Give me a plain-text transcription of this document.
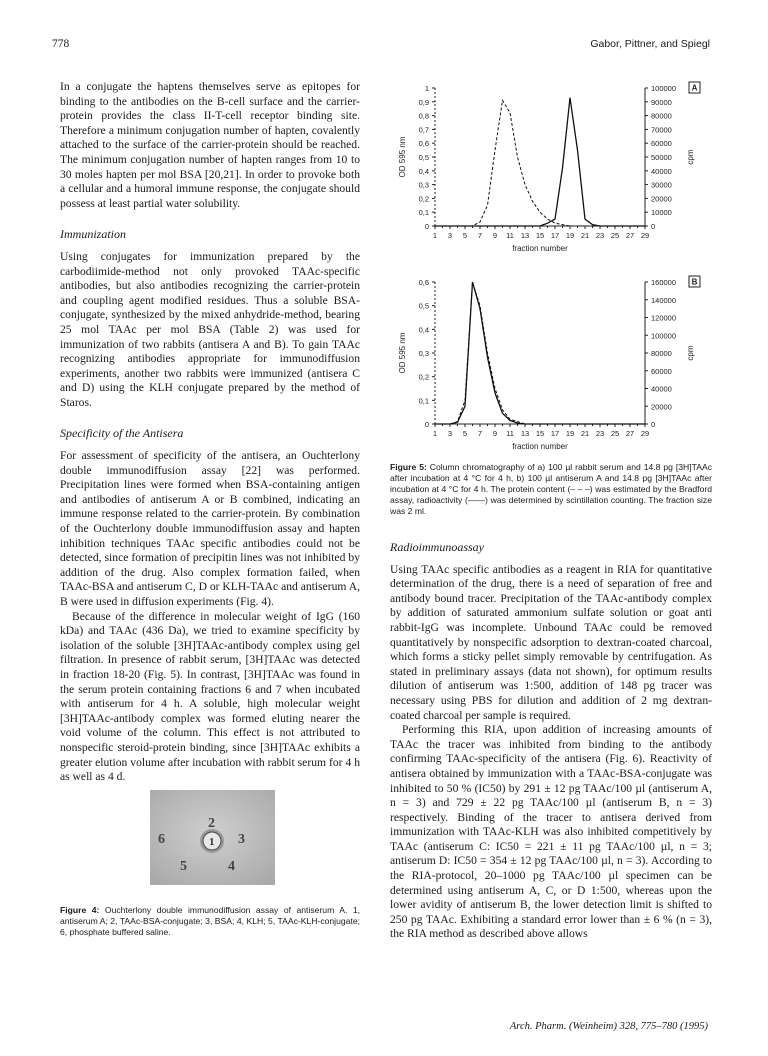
778	Gabor, Pittner, and Spiegl

In a conjugate the haptens themselves serve as epitopes for binding to the antibodies on the B-cell surface and the carrier-protein provides the class II-T-cell receptor binding site. Therefore a minimum conjugation number of hapten, covalently attached to the surface of the carrier-protein should be reached. The minimum conjugation number of hapten ranges from 10 to 30 moles hapten per mol BSA [20,21]. In order to provoke both a cellular and a humoral immune response, the conjugate should possess at least partial water solubility.

Immunization

Using conjugates for immunization prepared by the carbodiimide-method not only provoked TAAc-specific antibodies, but also antibodies recognizing the carrier-protein and coupling agent modified residues. Thus a soluble BSA-conjugate, synthesized by the mixed anhydride-method, bearing 25 mol TAAc per mol BSA (Table 2) was used for immunization of two rabbits (antisera A and B). To gain TAAc recognizing antibodies appropriate for immunodiffusion experiments, another two rabbits were immunized (antisera C and D) using the KLH conjugate prepared by the method of Staros.

Specificity of the Antisera

For assessment of specificity of the antisera, an Ouchterlony double immunodiffusion assay [22] was performed. Precipitation lines were formed when BSA-containing antigen and antibodies of antiserum A or B combined, indicating an immune response related to the carrier-protein. By combination of the Ouchterlony double immunodiffusion assay and hapten inhibition techniques TAAc specific antibodies could not be detected, since formation of precipitin lines was not inhibited by addition of the drug. Also complex formation failed, when TAAc-BSA and antiserum C, D or KLH-TAAc and antiserum A, B were used in diffusion experiments (Fig. 4).

Because of the difference in molecular weight of IgG (160 kDa) and TAAc (436 Da), we tried to examine specificity by isolation of the soluble [3H]TAAc-antibody complex using gel filtration. In presence of rabbit serum, [3H]TAAc was detected in fraction 18-20 (Fig. 5). In contrast, [3H]TAAc was found in the serum protein containing fractions 6 and 7 when incubated with antiserum for 4 h. A soluble, high molecular weight [3H]TAAc-antibody complex was formed eluting nearer the void volume of the column. This effect is not attributed to nonspecific steroid-protein binding, since [3H]TAAc exhibits a greater elution volume after incubation with rabbit serum for 4 h as well as 4 d.

1
2
3
4
5
6
Figure 4: Ouchterlony double immunodiffusion assay of antiserum A. 1, antiserum A; 2, TAAc-BSA-conjugate; 3, BSA; 4, KLH; 5, TAAc-KLH-conjugate; 6, phosphate buffered saline.
0
0,1
0,2
0,3
0,4
0,5
0,6
0,7
0,8
0,9
1
0
10000
20000
30000
40000
50000
60000
70000
80000
90000
100000
1 3 5 7 9 11 13 15 17 19 21 23 25 27 29
fraction number
OD 595 nm	cpm
A
0
0,1
0,2
0,3
0,4
0,5
0,6
0
20000
40000
60000
80000
100000
120000
140000
160000
1 3 5 7 9 11 13 15 17 19 21 23 25 27 29
fraction number
OD 595 nm	cpm
B
Figure 5: Column chromatography of a) 100 µl rabbit serum and 14.8 pg [3H]TAAc after incubation at 4 °C for 4 h, b) 100 µl antiserum A and 14.8 pg [3H]TAAc after incubation at 4 °C for 4 h. The protein content (– – –) was estimated by the Bradford assay, radioactivity (——) was determined by scintillation counting. The fraction size was 2 ml.
Radioimmunoassay

Using TAAc specific antibodies as a reagent in RIA for quantitative determination of the drug, there is a need of separation of free and antibody bound tracer. Precipitation of the TAAc-antibody complex by addition of saturated ammonium sulfate solution or goat anti rabbit-IgG was incomplete. Unbound TAAc could be removed quantitatively by nonspecific adsorption to dextran-coated charcoal, which forms a sticky pellet simply removable by centrifugation. As stated in preliminary assays (data not shown), for optimum results dilution of antiserum was 1:500, addition of 148 pg tracer was necessary using PBS for dilution and addition of 2 mg dextran-coated charcoal per sample is required.

Performing this RIA, upon addition of increasing amounts of TAAc the tracer was inhibited from binding to the antibody confirming TAAc-specificity of the antisera (Fig. 6). Reactivity of antisera obtained by immunization with a TAAc-BSA-conjugate was inhibited to 50 % (IC50) by 291 ± 12 pg TAAc/100 µl (antiserum A, n = 3) and 729 ± 22 pg TAAc/100 µl (antiserum B, n = 3) respectively. Binding of the tracer to antisera derived from immunization with TAAc-KLH was also inhibited competitively by TAAc (antiserum C: IC50 = 221 ± 11 pg TAAc/100 µl, n = 3; antiserum D: IC50 = 354 ± 12 pg TAAc/100 µl, n = 3). According to the RIA-protocol, 20–1000 pg TAAc/100 µl specimen can be determined using antiserum A, C, or D 1:500, whereas upon the lower avidity of antiserum B, the lower detection limit is shifted to 250 pg TAAc. Exhibiting a standard error lower than ± 6 % (n = 3), the RIA method as described above allows

Arch. Pharm. (Weinheim) 328, 775–780 (1995)
